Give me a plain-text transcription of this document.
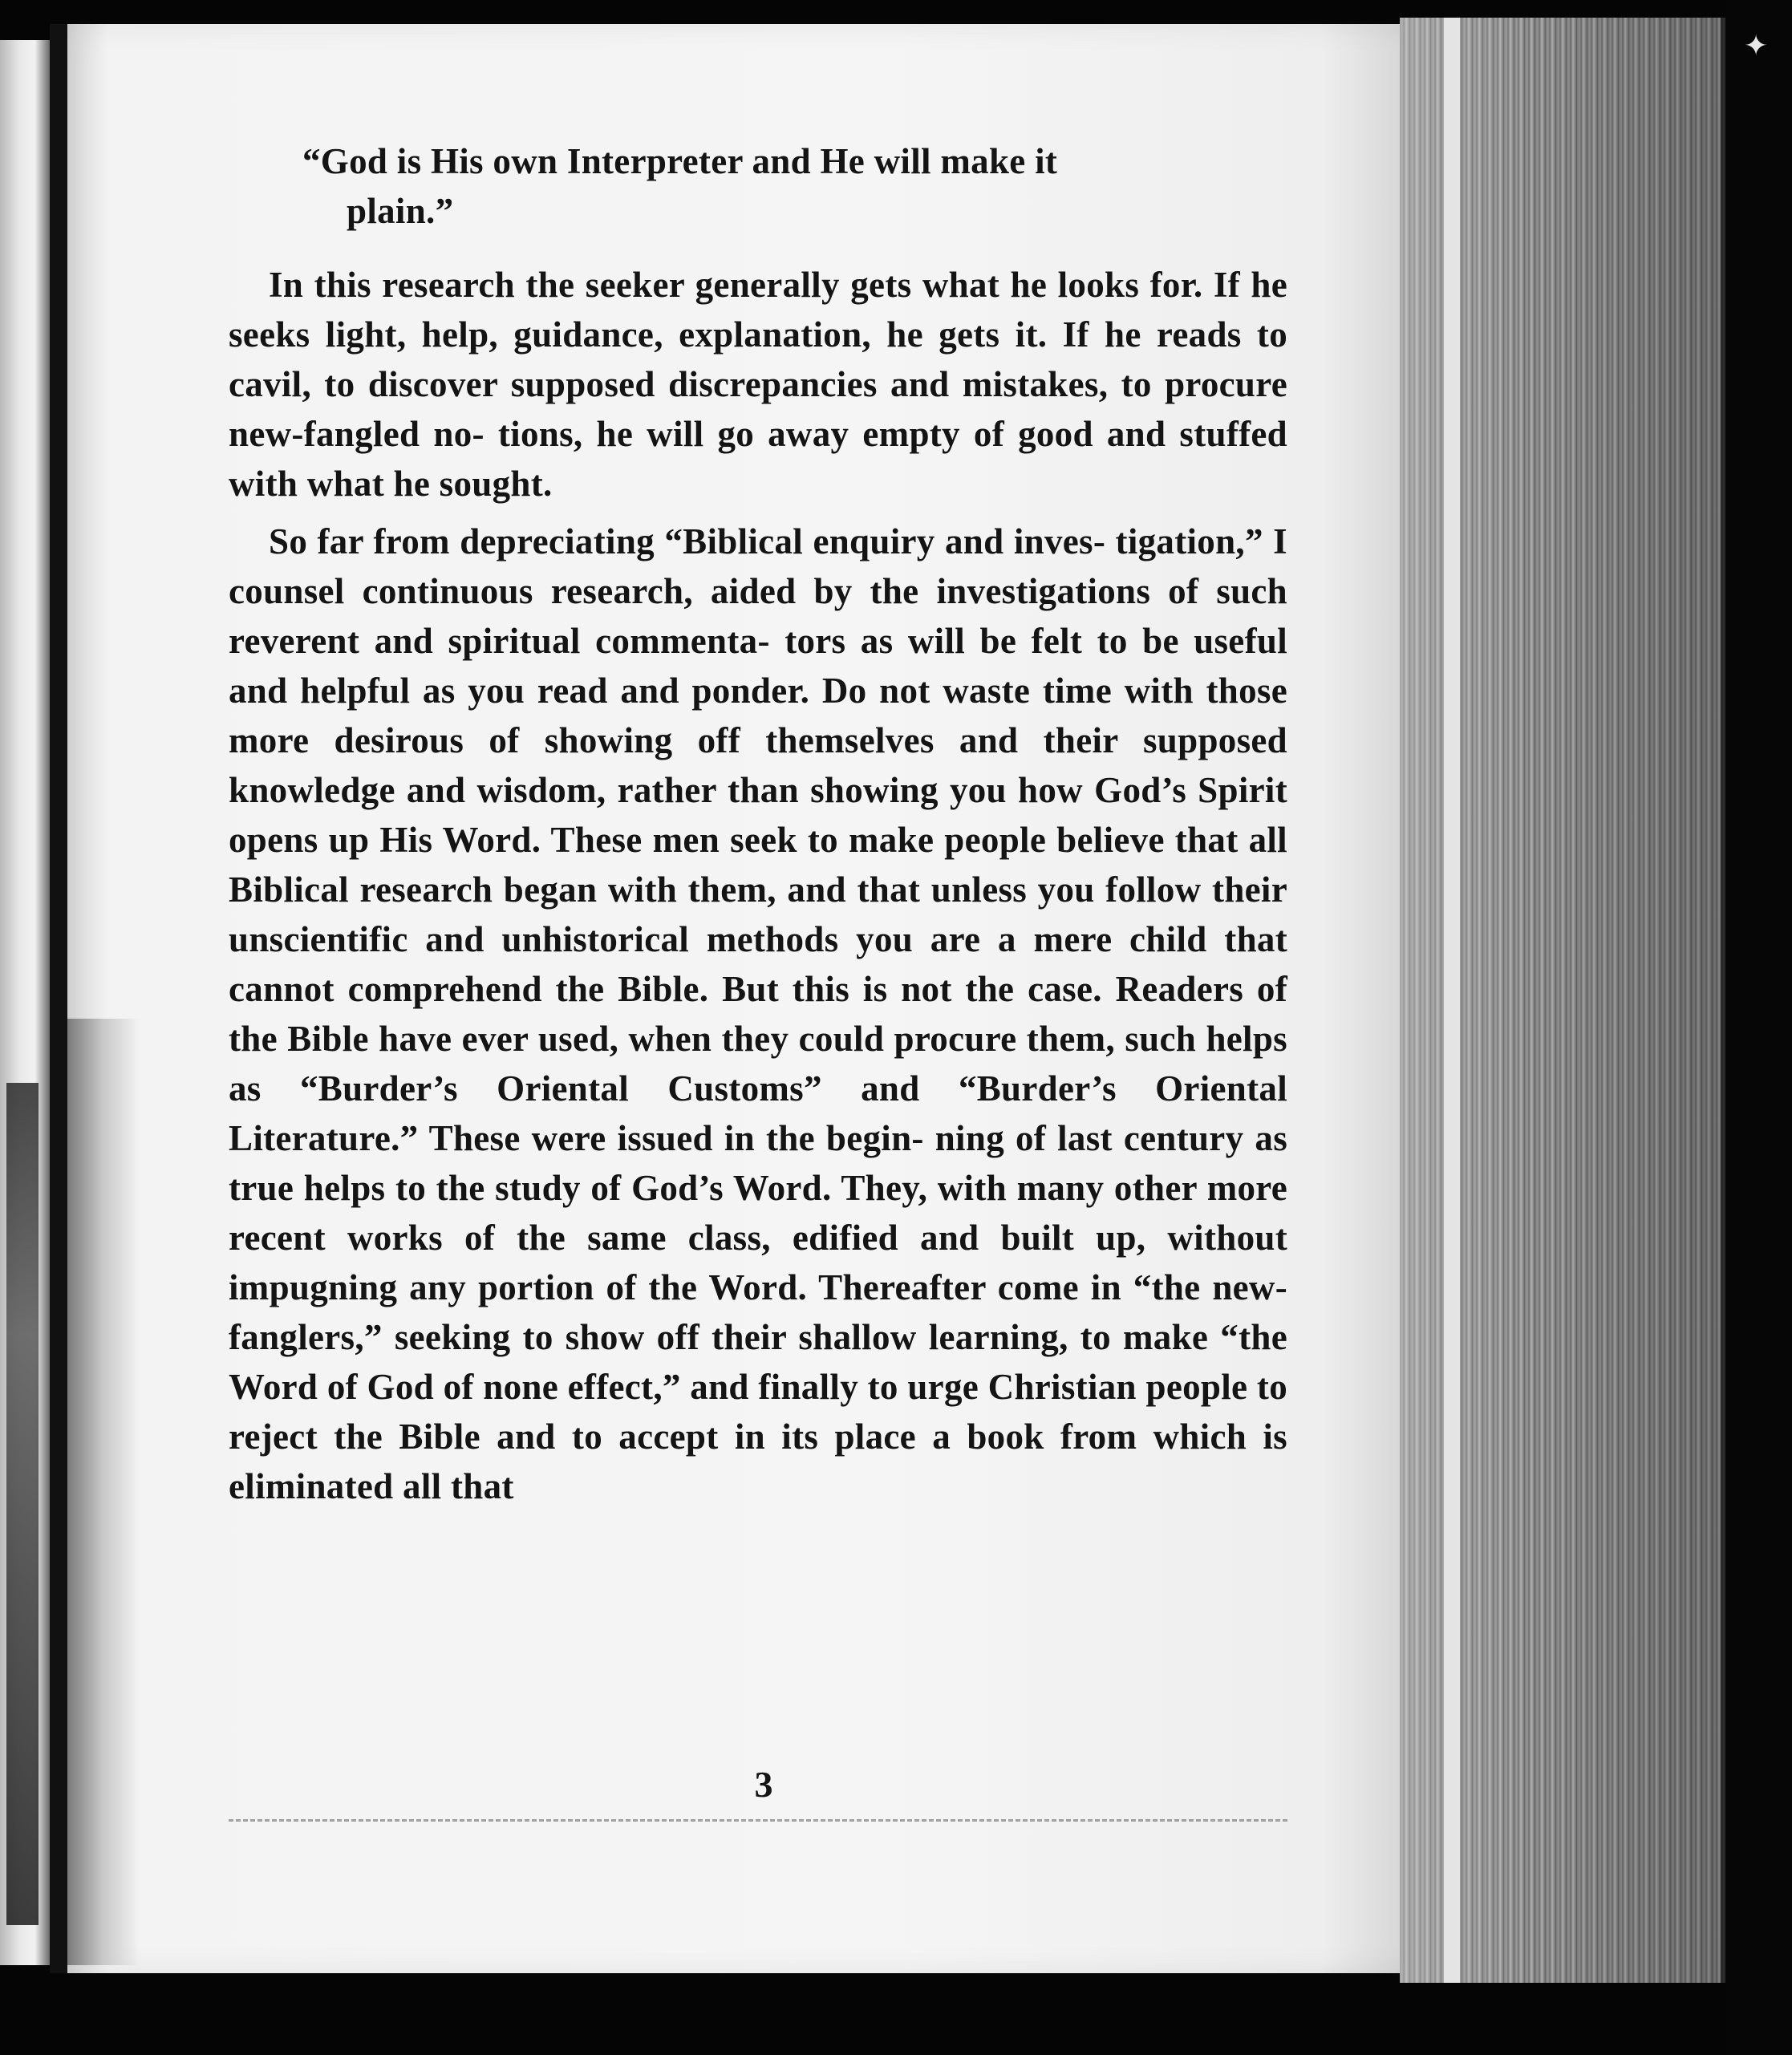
✦

“God is His own Interpreter and He will make it
plain.”

In this research the seeker generally gets what he looks for. If he seeks light, help, guidance, explanation, he gets it. If he reads to cavil, to discover supposed discrepancies and mistakes, to procure new-fangled no- tions, he will go away empty of good and stuffed with what he sought.

So far from depreciating “Biblical enquiry and inves- tigation,” I counsel continuous research, aided by the investigations of such reverent and spiritual commenta- tors as will be felt to be useful and helpful as you read and ponder. Do not waste time with those more desirous of showing off themselves and their supposed knowledge and wisdom, rather than showing you how God’s Spirit opens up His Word. These men seek to make people believe that all Biblical research began with them, and that unless you follow their unscientific and unhistorical methods you are a mere child that cannot comprehend the Bible. But this is not the case. Readers of the Bible have ever used, when they could procure them, such helps as “Burder’s Oriental Customs” and “Burder’s Oriental Literature.” These were issued in the begin- ning of last century as true helps to the study of God’s Word. They, with many other more recent works of the same class, edified and built up, without impugning any portion of the Word. Thereafter come in “the new- fanglers,” seeking to show off their shallow learning, to make “the Word of God of none effect,” and finally to urge Christian people to reject the Bible and to accept in its place a book from which is eliminated all that

3
